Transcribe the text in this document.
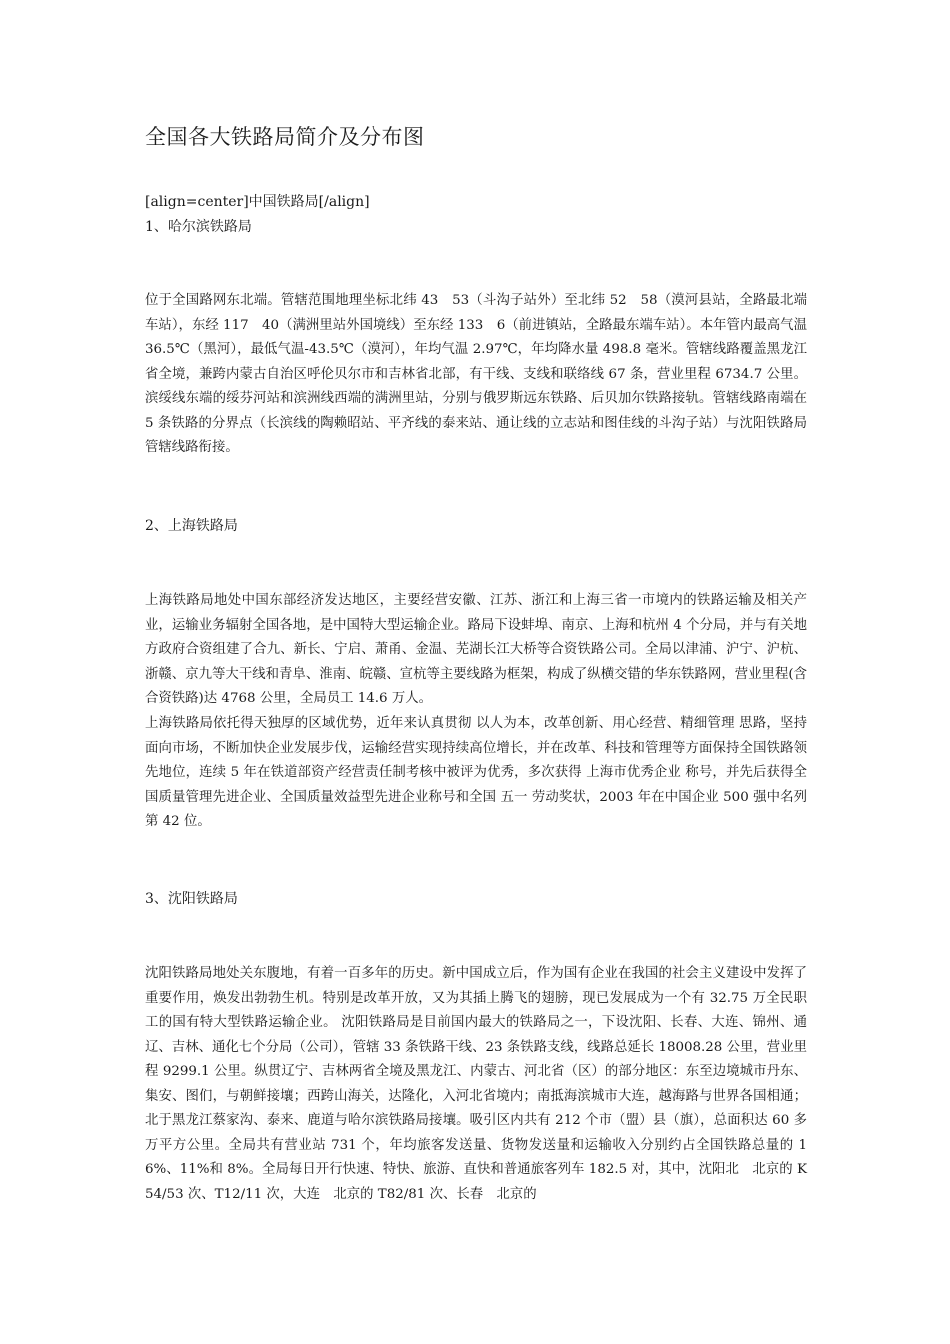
全国各大铁路局简介及分布图

[align=center]中国铁路局[/align]

1、哈尔滨铁路局

位于全国路网东北端。管辖范围地理坐标北纬 43　53（斗沟子站外）至北纬 52　58（漠河县站，全路最北端车站），东经 117　40（满洲里站外国境线）至东经 133　6（前进镇站，全路最东端车站）。本年管内最高气温 36.5℃（黑河），最低气温-43.5℃（漠河），年均气温 2.97℃，年均降水量 498.8 毫米。管辖线路覆盖黑龙江省全境，兼跨内蒙古自治区呼伦贝尔市和吉林省北部，有干线、支线和联络线 67 条，营业里程 6734.7 公里。滨绥线东端的绥芬河站和滨洲线西端的满洲里站，分别与俄罗斯远东铁路、后贝加尔铁路接轨。管辖线路南端在 5 条铁路的分界点（长滨线的陶赖昭站、平齐线的泰来站、通让线的立志站和图佳线的斗沟子站）与沈阳铁路局管辖线路衔接。

2、上海铁路局

上海铁路局地处中国东部经济发达地区，主要经营安徽、江苏、浙江和上海三省一市境内的铁路运输及相关产业，运输业务辐射全国各地，是中国特大型运输企业。路局下设蚌埠、南京、上海和杭州 4 个分局，并与有关地方政府合资组建了合九、新长、宁启、萧甬、金温、芜湖长江大桥等合资铁路公司。全局以津浦、沪宁、沪杭、浙赣、京九等大干线和青阜、淮南、皖赣、宣杭等主要线路为框架，构成了纵横交错的华东铁路网，营业里程(含合资铁路)达 4768 公里，全局员工 14.6 万人。

上海铁路局依托得天独厚的区域优势，近年来认真贯彻 以人为本，改革创新、用心经营、精细管理 思路，坚持面向市场，不断加快企业发展步伐，运输经营实现持续高位增长，并在改革、科技和管理等方面保持全国铁路领先地位，连续 5 年在铁道部资产经营责任制考核中被评为优秀，多次获得 上海市优秀企业 称号，并先后获得全国质量管理先进企业、全国质量效益型先进企业称号和全国 五一 劳动奖状，2003 年在中国企业 500 强中名列第 42 位。

3、沈阳铁路局

沈阳铁路局地处关东腹地，有着一百多年的历史。新中国成立后，作为国有企业在我国的社会主义建设中发挥了重要作用，焕发出勃勃生机。特别是改革开放，又为其插上腾飞的翅膀，现已发展成为一个有 32.75 万全民职工的国有特大型铁路运输企业。 沈阳铁路局是目前国内最大的铁路局之一，下设沈阳、长春、大连、锦州、通辽、吉林、通化七个分局（公司），管辖 33 条铁路干线、23 条铁路支线，线路总延长 18008.28 公里，营业里程 9299.1 公里。纵贯辽宁、吉林两省全境及黑龙江、内蒙古、河北省（区）的部分地区：东至边境城市丹东、集安、图们，与朝鲜接壤；西跨山海关，达隆化，入河北省境内；南抵海滨城市大连，越海路与世界各国相通；北于黑龙江蔡家沟、泰来、鹿道与哈尔滨铁路局接壤。吸引区内共有 212 个市（盟）县（旗），总面积达 60 多万平方公里。全局共有营业站 731 个，年均旅客发送量、货物发送量和运输收入分别约占全国铁路总量的 16%、11%和 8%。全局每日开行快速、特快、旅游、直快和普通旅客列车 182.5 对，其中，沈阳北　北京的 K54/53 次、T12/11 次，大连　北京的 T82/81 次、长春　北京的
